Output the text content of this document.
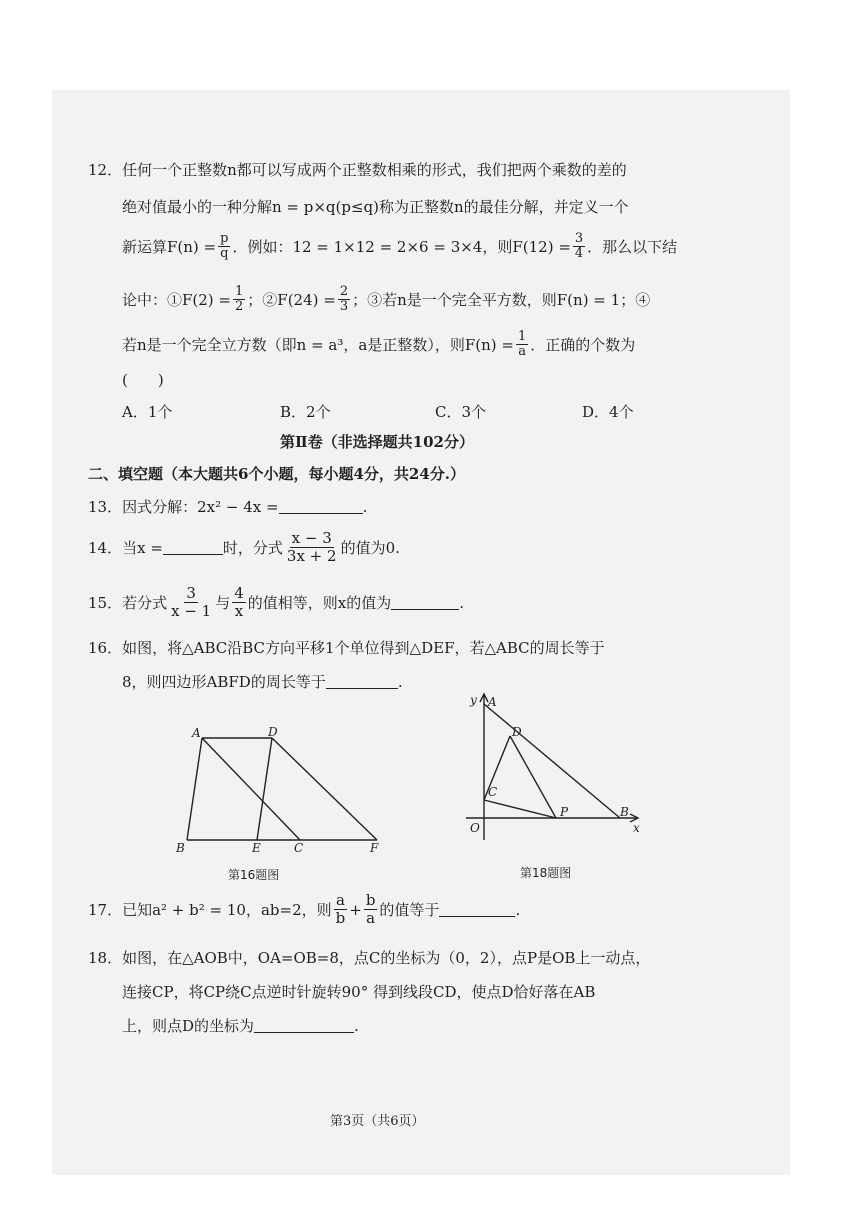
12．任何一个正整数n都可以写成两个正整数相乘的形式，我们把两个乘数的差的
绝对值最小的一种分解n = p×q(p≤q)称为正整数n的最佳分解，并定义一个
新运算$F(n) = \frac{p}{q}$ ．例如：12 = 1×12 = 2×6 = 3×4，则$F(12) = \frac{3}{4}$ ．那么以下结
论中：①F(2) = $\frac{1}{2}$ ；②F(24) = $\frac{2}{3}$ ；③若n是一个完全平方数，则F(n) = 1；④
若n是一个完全立方数（即n = a³，a是正整数），则$F(n) = \frac{1}{a}$ ．正确的个数为
(　　)
A．1个	B．2个	C．3个	D．4个
第Ⅱ卷（非选择题共102分）
二、填空题（本大题共6个小题，每小题4分，共24分.）
13．因式分解：2x² − 4x =	.
14．当x =	时，分式 $\frac{x - 3}{3x + 2}$ 的值为0.
15．若分式 $\frac{3}{x - 1}$ 与 $\frac{4}{x}$ 的值相等，则x的值为	.
16．如图，将△ABC沿BC方向平移1个单位得到△DEF，若△ABC的周长等于
8，则四边形ABFD的周长等于	.
A	D
B	E	C	F
第16题图
y A
D
C
P	B
O	x
第18题图
17．已知a² + b² = 10，ab=2，则 $\frac{a}{b} + \frac{b}{a}$ 的值等于	.
18．如图，在△AOB中，OA=OB=8，点C的坐标为（0，2），点P是OB上一动点，
连接CP，将CP绕C点逆时针旋转90° 得到线段CD，使点D恰好落在AB
上，则点D的坐标为	.
第3页（共6页）
